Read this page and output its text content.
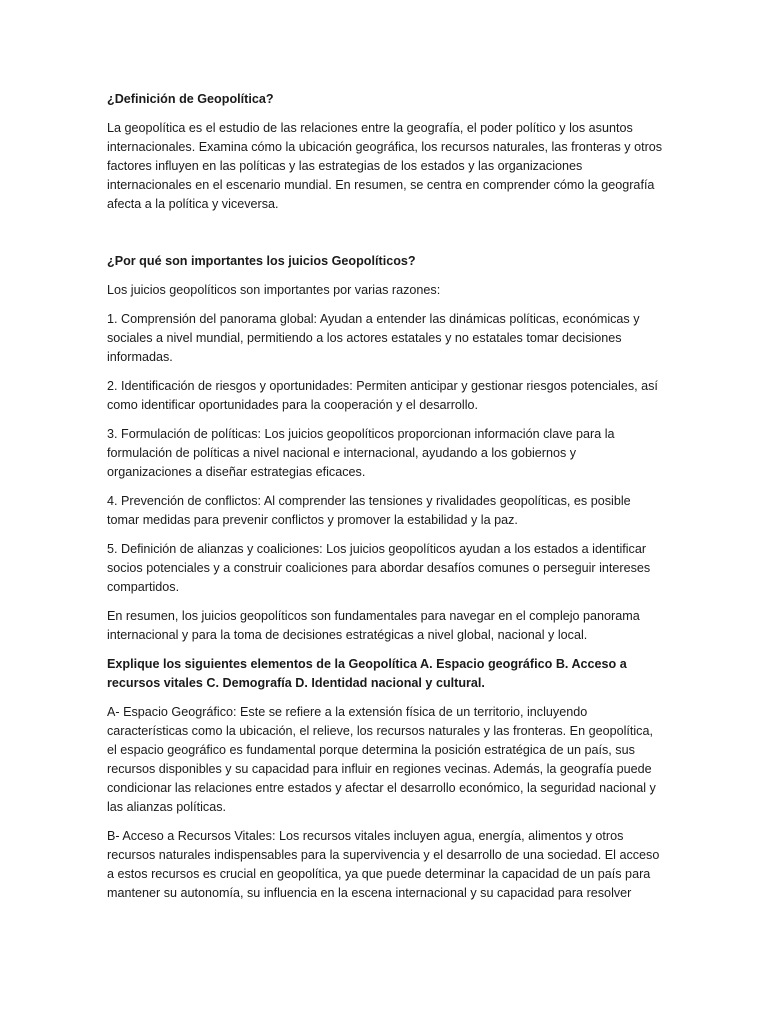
¿Definición de Geopolítica?

La geopolítica es el estudio de las relaciones entre la geografía, el poder político y los asuntos internacionales. Examina cómo la ubicación geográfica, los recursos naturales, las fronteras y otros factores influyen en las políticas y las estrategias de los estados y las organizaciones internacionales en el escenario mundial. En resumen, se centra en comprender cómo la geografía afecta a la política y viceversa.

¿Por qué son importantes los juicios Geopolíticos?

Los juicios geopolíticos son importantes por varias razones:

1. Comprensión del panorama global: Ayudan a entender las dinámicas políticas, económicas y sociales a nivel mundial, permitiendo a los actores estatales y no estatales tomar decisiones informadas.

2. Identificación de riesgos y oportunidades: Permiten anticipar y gestionar riesgos potenciales, así como identificar oportunidades para la cooperación y el desarrollo.

3. Formulación de políticas: Los juicios geopolíticos proporcionan información clave para la formulación de políticas a nivel nacional e internacional, ayudando a los gobiernos y organizaciones a diseñar estrategias eficaces.

4. Prevención de conflictos: Al comprender las tensiones y rivalidades geopolíticas, es posible tomar medidas para prevenir conflictos y promover la estabilidad y la paz.

5. Definición de alianzas y coaliciones: Los juicios geopolíticos ayudan a los estados a identificar socios potenciales y a construir coaliciones para abordar desafíos comunes o perseguir intereses compartidos.

En resumen, los juicios geopolíticos son fundamentales para navegar en el complejo panorama internacional y para la toma de decisiones estratégicas a nivel global, nacional y local.

Explique los siguientes elementos de la Geopolítica A. Espacio geográfico B. Acceso a recursos vitales C. Demografía D. Identidad nacional y cultural.

A- Espacio Geográfico: Este se refiere a la extensión física de un territorio, incluyendo características como la ubicación, el relieve, los recursos naturales y las fronteras. En geopolítica, el espacio geográfico es fundamental porque determina la posición estratégica de un país, sus recursos disponibles y su capacidad para influir en regiones vecinas. Además, la geografía puede condicionar las relaciones entre estados y afectar el desarrollo económico, la seguridad nacional y las alianzas políticas.

B- Acceso a Recursos Vitales: Los recursos vitales incluyen agua, energía, alimentos y otros recursos naturales indispensables para la supervivencia y el desarrollo de una sociedad. El acceso a estos recursos es crucial en geopolítica, ya que puede determinar la capacidad de un país para mantener su autonomía, su influencia en la escena internacional y su capacidad para resolver
